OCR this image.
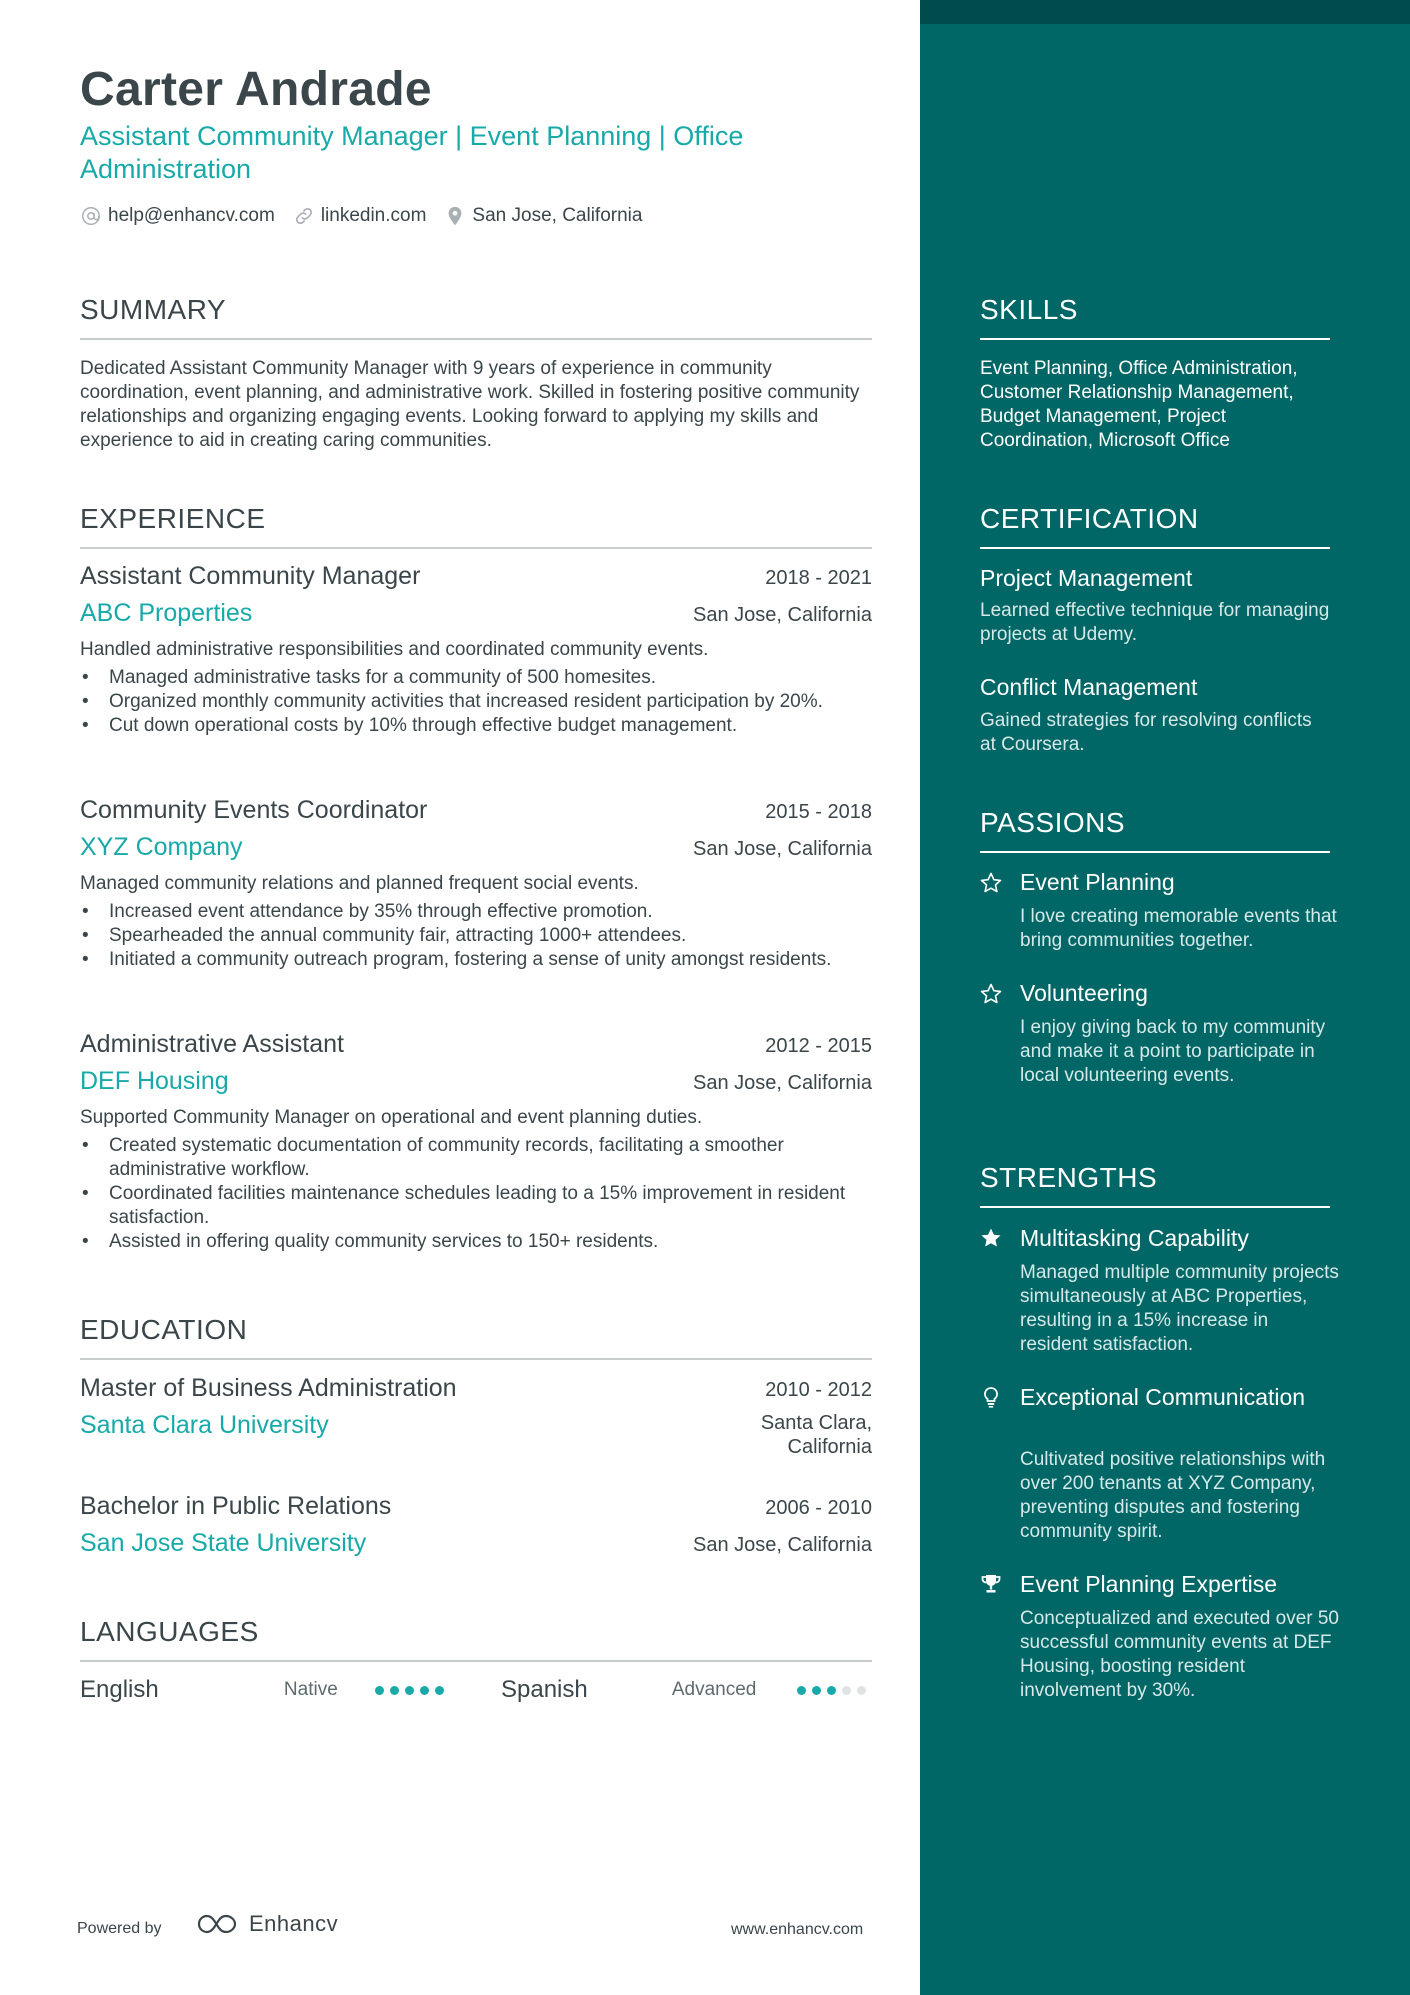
Carter Andrade
Assistant Community Manager | Event Planning | Office Administration
help@enhancv.com linkedin.com San Jose, California
SUMMARY
Dedicated Assistant Community Manager with 9 years of experience in community coordination, event planning, and administrative work. Skilled in fostering positive community relationships and organizing engaging events. Looking forward to applying my skills and experience to aid in creating caring communities.
EXPERIENCE
Assistant Community Manager	2018 - 2021
ABC Properties	San Jose, California
Handled administrative responsibilities and coordinated community events.
• Managed administrative tasks for a community of 500 homesites.
• Organized monthly community activities that increased resident participation by 20%.
• Cut down operational costs by 10% through effective budget management.
Community Events Coordinator	2015 - 2018
XYZ Company	San Jose, California
Managed community relations and planned frequent social events.
• Increased event attendance by 35% through effective promotion.
• Spearheaded the annual community fair, attracting 1000+ attendees.
• Initiated a community outreach program, fostering a sense of unity amongst residents.
Administrative Assistant	2012 - 2015
DEF Housing	San Jose, California
Supported Community Manager on operational and event planning duties.
• Created systematic documentation of community records, facilitating a smoother administrative workflow.
• Coordinated facilities maintenance schedules leading to a 15% improvement in resident satisfaction.
• Assisted in offering quality community services to 150+ residents.
EDUCATION
Master of Business Administration	2010 - 2012
Santa Clara University	Santa Clara,
California
Bachelor in Public Relations	2006 - 2010
San Jose State University	San Jose, California
LANGUAGES
English	Native	Spanish	Advanced
Powered by	Enhancv	www.enhancv.com
SKILLS
Event Planning, Office Administration, Customer Relationship Management, Budget Management, Project Coordination, Microsoft Office
CERTIFICATION
Project Management
Learned effective technique for managing projects at Udemy.
Conflict Management
Gained strategies for resolving conflicts at Coursera.
PASSIONS
Event Planning
I love creating memorable events that bring communities together.
Volunteering
I enjoy giving back to my community and make it a point to participate in local volunteering events.
STRENGTHS
Multitasking Capability
Managed multiple community projects simultaneously at ABC Properties, resulting in a 15% increase in resident satisfaction.
Exceptional Communication
Cultivated positive relationships with over 200 tenants at XYZ Company, preventing disputes and fostering community spirit.
Event Planning Expertise
Conceptualized and executed over 50 successful community events at DEF Housing, boosting resident involvement by 30%.
